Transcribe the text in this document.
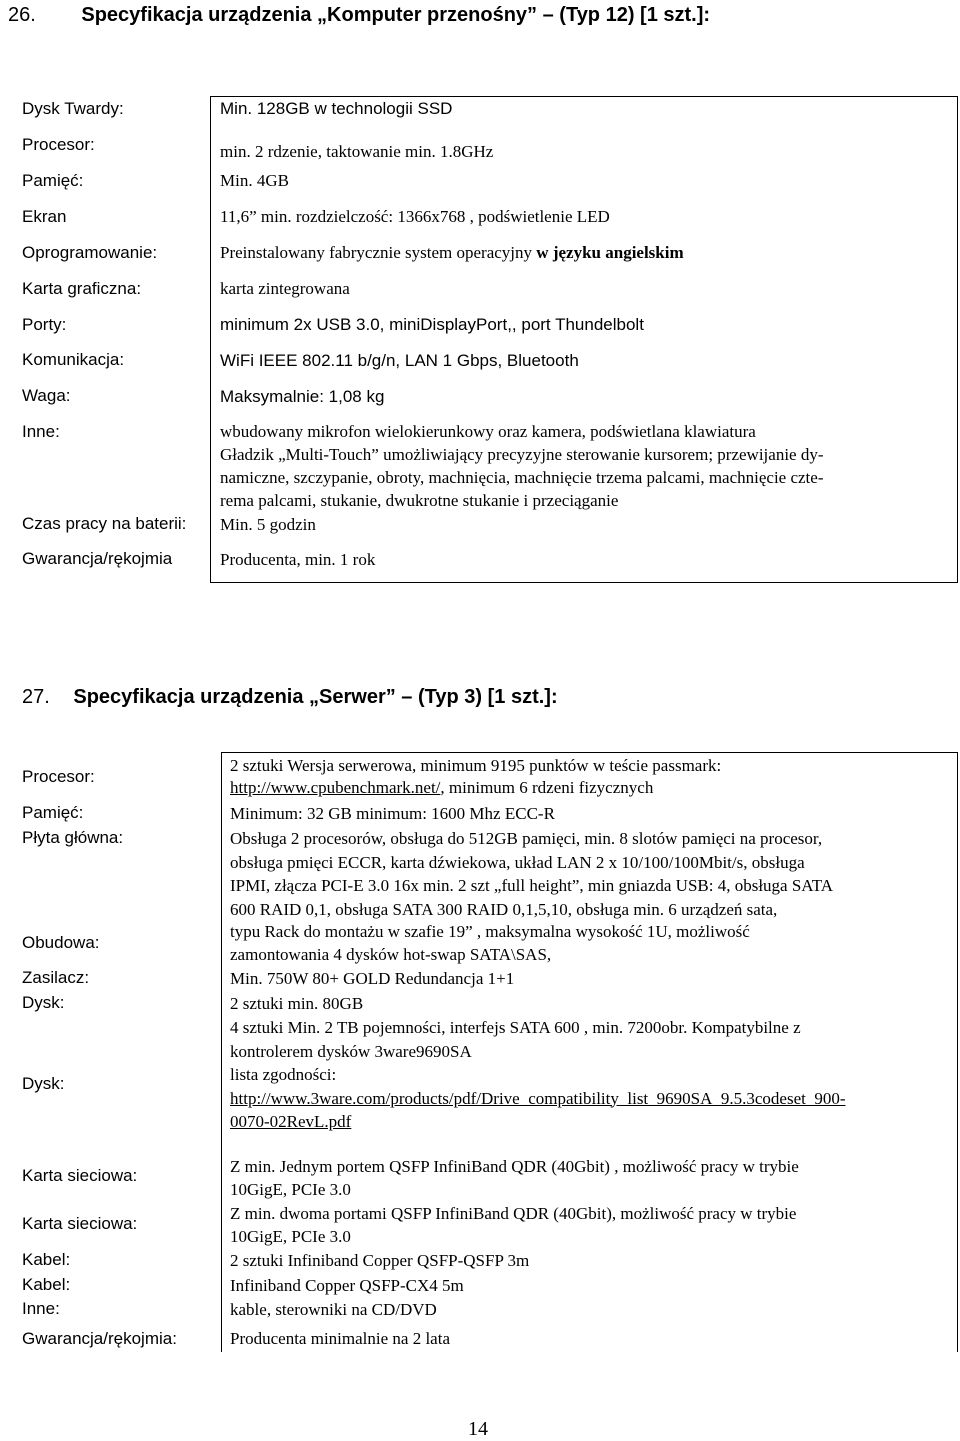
26. Specyfikacja urządzenia „Komputer przenośny” – (Typ 12) [1 szt.]:
Dysk Twardy:
Procesor:
Pamięć:
Ekran
Oprogramowanie:
Karta graficzna:
Porty:
Komunikacja:
Waga:
Inne:
Czas pracy na baterii:
Gwarancja/rękojmia
Min. 128GB w technologii SSD
min. 2 rdzenie, taktowanie min. 1.8GHz
Min. 4GB
11,6” min. rozdzielczość: 1366x768 , podświetlenie LED
Preinstalowany fabrycznie system operacyjny w języku angielskim
karta zintegrowana
minimum 2x USB 3.0, miniDisplayPort,, port Thundelbolt
WiFi IEEE 802.11 b/g/n, LAN 1 Gbps, Bluetooth
Maksymalnie: 1,08 kg
wbudowany mikrofon wielokierunkowy oraz kamera, podświetlana klawiatura
Gładzik „Multi-Touch” umożliwiający precyzyjne sterowanie kursorem; przewijanie dy-
namiczne, szczypanie, obroty, machnięcia, machnięcie trzema palcami, machnięcie czte-
rema palcami, stukanie, dwukrotne stukanie i przeciąganie
Min. 5 godzin
Producenta, min. 1 rok
27. Specyfikacja urządzenia „Serwer” – (Typ 3) [1 szt.]:
Procesor:
Pamięć:
Płyta główna:
Obudowa:
Zasilacz:
Dysk:
Dysk:
Karta sieciowa:
Karta sieciowa:
Kabel:
Kabel:
Inne:
Gwarancja/rękojmia:
2 sztuki Wersja serwerowa, minimum 9195 punktów w teście passmark:
http://www.cpubenchmark.net/, minimum 6 rdzeni fizycznych
Minimum: 32 GB minimum: 1600 Mhz ECC-R
Obsługa 2 procesorów, obsługa do 512GB pamięci, min. 8 slotów pamięci na procesor,
obsługa pmięci ECCR, karta dźwiekowa, układ LAN 2 x 10/100/100Mbit/s, obsługa
IPMI, złącza PCI-E 3.0 16x min. 2 szt „full height”, min gniazda USB: 4, obsługa SATA
600 RAID 0,1, obsługa SATA 300 RAID 0,1,5,10, obsługa min. 6 urządzeń sata,
typu Rack do montażu w szafie 19” , maksymalna wysokość 1U, możliwość
zamontowania 4 dysków hot-swap SATA\SAS,
Min. 750W 80+ GOLD Redundancja 1+1
2 sztuki min. 80GB
4 sztuki Min. 2 TB pojemności, interfejs SATA 600 , min. 7200obr. Kompatybilne z
kontrolerem dysków 3ware9690SA
lista zgodności:
http://www.3ware.com/products/pdf/Drive_compatibility_list_9690SA_9.5.3codeset_900-
0070-02RevL.pdf
Z min. Jednym portem QSFP InfiniBand QDR (40Gbit) , możliwość pracy w trybie
10GigE, PCIe 3.0
Z min. dwoma portami QSFP InfiniBand QDR (40Gbit), możliwość pracy w trybie
10GigE, PCIe 3.0
2 sztuki Infiniband Copper QSFP-QSFP 3m
Infiniband Copper QSFP-CX4 5m
kable, sterowniki na CD/DVD
Producenta minimalnie na 2 lata
14
